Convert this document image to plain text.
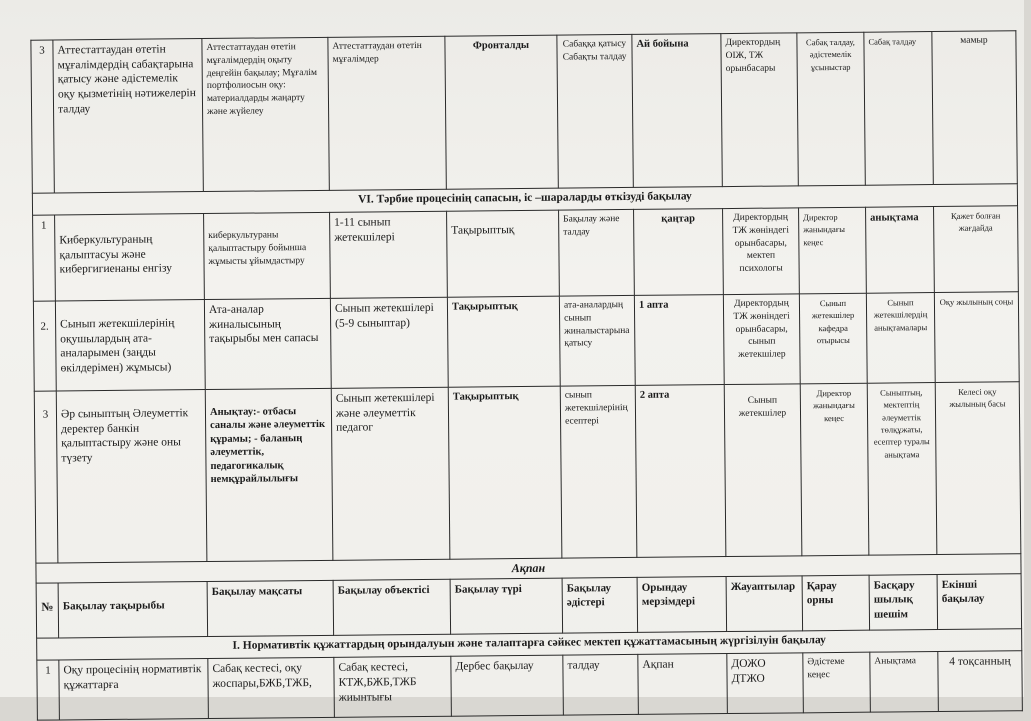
3	Аттестаттаудан өтетін мұғалімдердің сабақтарына қатысу және әдістемелік оқу қызметінің нәтижелерін талдау	Аттестаттаудан өтетін мұғалімдердің оқыту деңгейін бақылау; Мұғалім портфолиосын оқу: материалдарды жаңарту және жүйелеу	Аттестаттаудан өтетін мұғалімдер	Фронталды	Сабаққа қатысу Сабақты талдау	Ай бойына	Директордың ОІЖ, ТЖ орынбасары	Сабақ талдау, әдістемелік ұсыныстар	Сабақ талдау	мамыр
VI. Тәрбие процесінің сапасын, іс –шараларды өткізуді бақылау										
1	Киберкультураның қалыптасуы және кибергигиенаны енгізу	киберкультураны қалыптастыру бойынша жұмысты ұйымдастыру	1-11 сынып жетекшілері	Тақырыптық	Бақылау және талдау	қаңтар	Директордың ТЖ жөніндегі орынбасары, мектеп психологы	Директор жанындағы кеңес	анықтама	Қажет болған жағдайда
2.	Сынып жетекшілерінің оқушылардың ата-аналарымен (заңды өкілдерімен) жұмысы)	Ата-аналар жиналысының тақырыбы мен сапасы	Сынып жетекшілері (5-9 сыныптар)	Тақырыптық	ата-аналардың сынып жиналыстарына қатысу	1 апта	Директордың ТЖ жөніндегі орынбасары, сынып жетекшілер	Сынып жетекшілер кафедра отырысы	Сынып жетекшілердің анықтамалары	Оқу жылының соңы
3	Әр сыныптың Әлеуметтік деректер банкін қалыптастыру және оны түзету	Анықтау:- отбасы саналы және әлеуметтік құрамы; - баланың әлеуметтік, педагогикалық немқұрайлылығы	Сынып жетекшілері және әлеуметтік педагог	Тақырыптық	сынып жетекшілерінің есептері	2 апта	Сынып жетекшілер	Директор жанындағы кеңес	Сыныптың, мектептің әлеуметтік төлқұжаты, есептер туралы анықтама	Келесі оқу жылының басы
Ақпан										
№	Бақылау тақырыбы	Бақылау мақсаты	Бақылау объектісі	Бақылау түрі	Бақылау әдістері	Орындау мерзімдері	Жауаптылар	Қарау орны	Басқару шылық шешім	Екінші бақылау
І. Нормативтік құжаттардың орындалуын және талаптарға сәйкес мектеп құжаттамасының жүргізілуін бақылау										
1	Оқу процесінің нормативтік құжаттарға	Сабақ кестесі, оқу жоспары,БЖБ,ТЖБ,	Сабақ кестесі, КТЖ,БЖБ,ТЖБ жиынтығы	Дербес бақылау	талдау	Ақпан	ДОЖО ДТЖО	Әдістеме кеңес	Анықтама	4 тоқсанның
